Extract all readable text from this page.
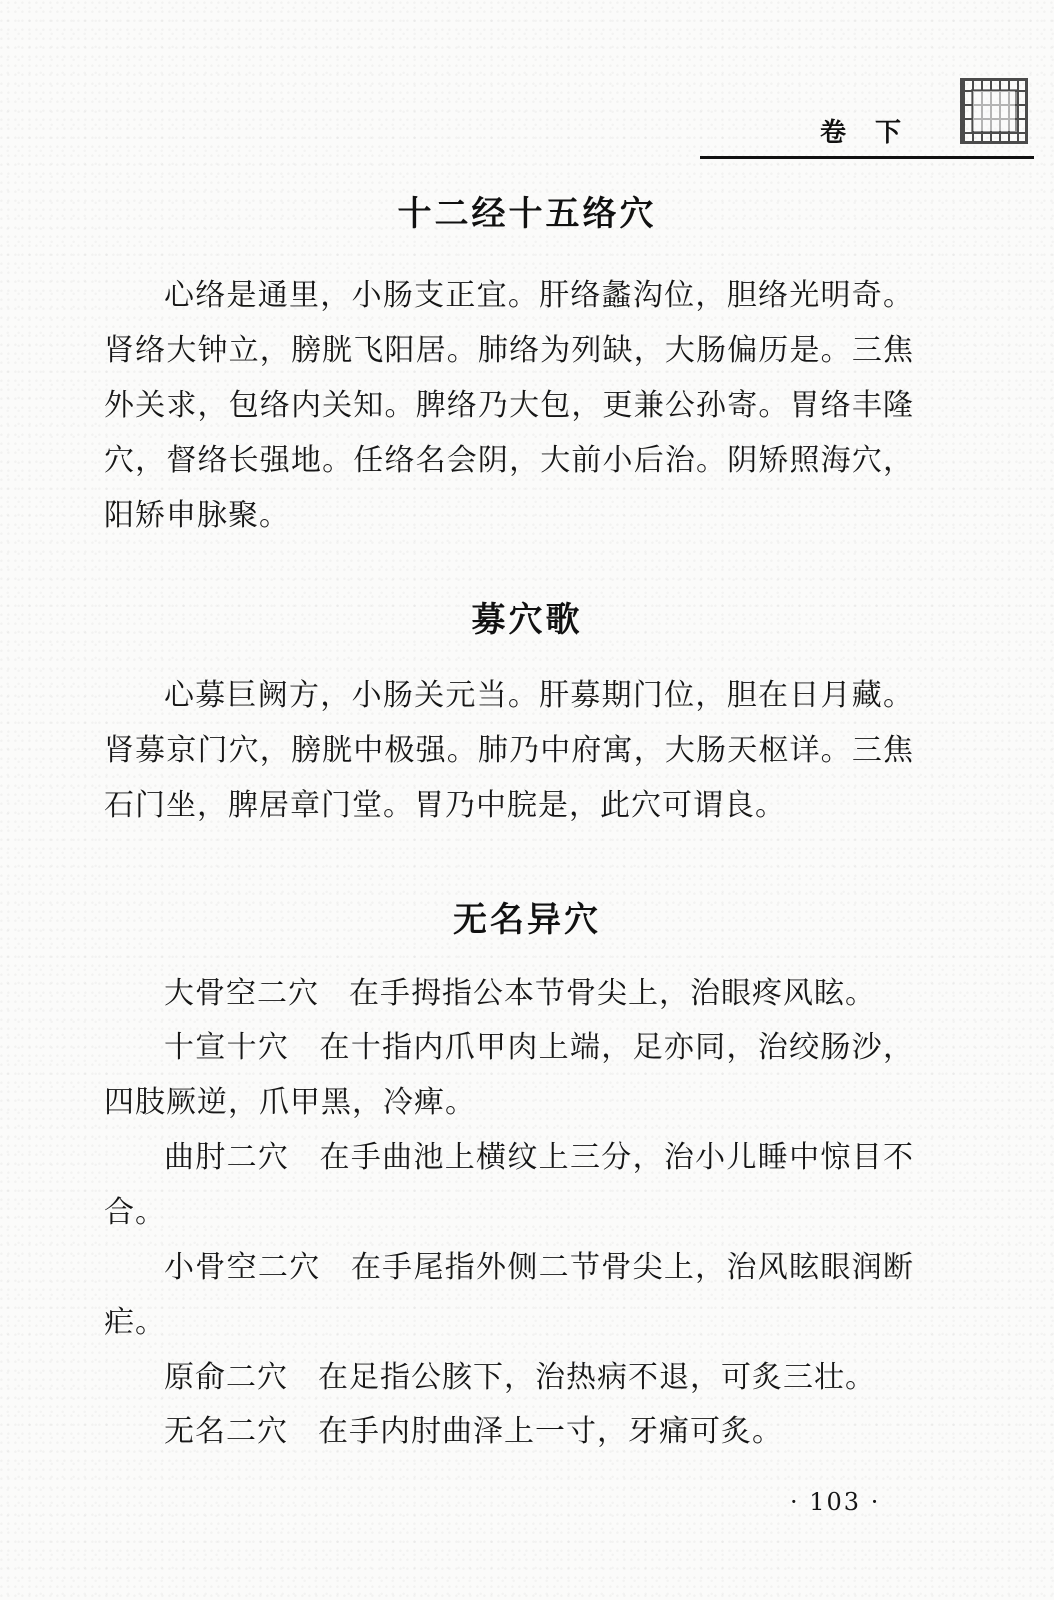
卷 下
十二经十五络穴

心络是通里，小肠支正宜。肝络蠡沟位，胆络光明奇。肾络大钟立，膀胱飞阳居。肺络为列缺，大肠偏历是。三焦外关求，包络内关知。脾络乃大包，更兼公孙寄。胃络丰隆穴，督络长强地。任络名会阴，大前小后治。阴矫照海穴，阳矫申脉聚。

募穴歌

心募巨阙方，小肠关元当。肝募期门位，胆在日月藏。肾募京门穴，膀胱中极强。肺乃中府寓，大肠天枢详。三焦石门坐，脾居章门堂。胃乃中脘是，此穴可谓良。

无名异穴

大骨空二穴 在手拇指公本节骨尖上，治眼疼风眩。

十宣十穴 在十指内爪甲肉上端，足亦同，治绞肠沙，四肢厥逆，爪甲黑，冷痺。

曲肘二穴 在手曲池上横纹上三分，治小儿睡中惊目不合。

小骨空二穴 在手尾指外侧二节骨尖上，治风眩眼润断疟。

原俞二穴 在足指公胲下，治热病不退，可炙三壮。

无名二穴 在手内肘曲泽上一寸，牙痛可炙。

· 103 ·
